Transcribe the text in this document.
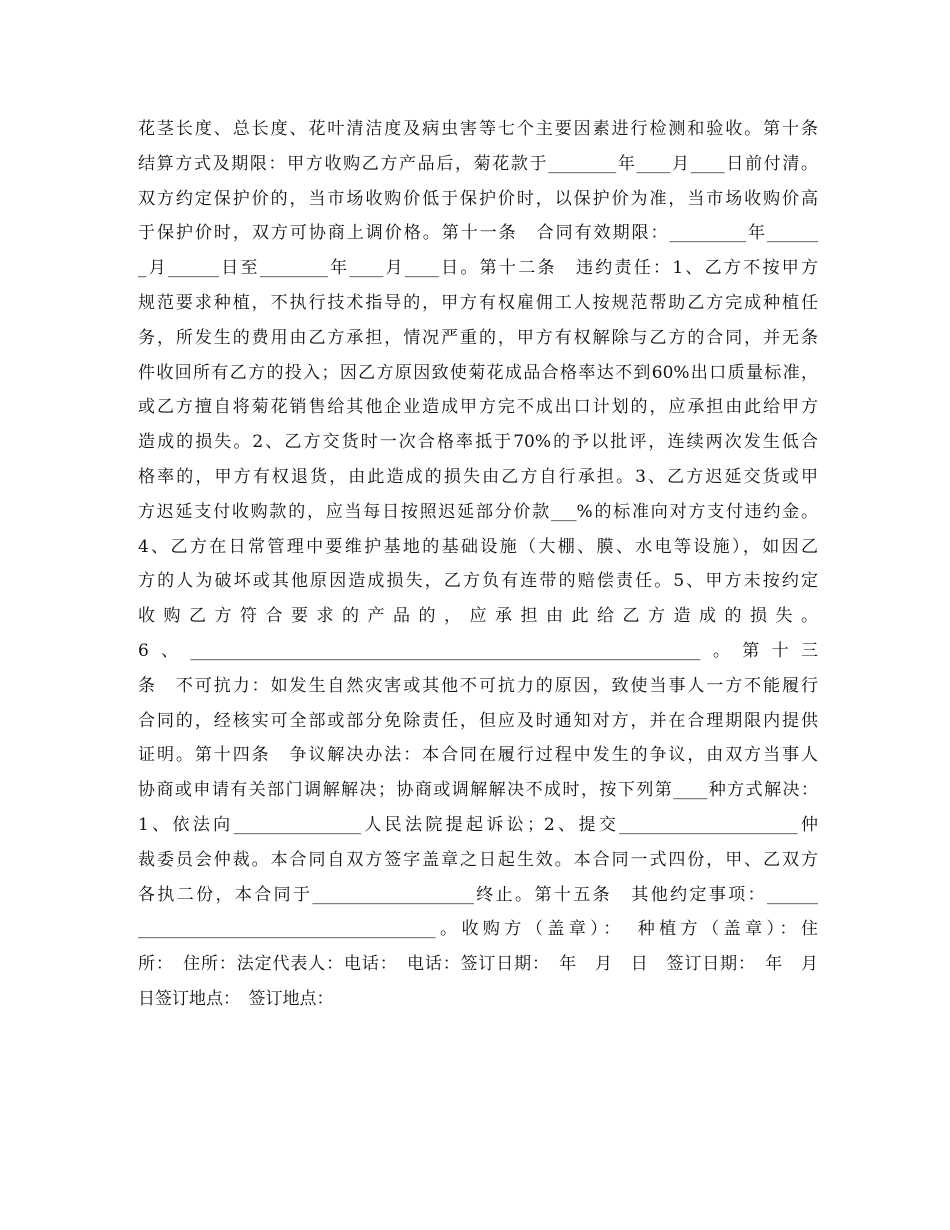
花茎长度、总长度、花叶清洁度及病虫害等七个主要因素进行检测和验收。第十条
结算方式及期限：甲方收购乙方产品后，菊花款于________年____月____日前付清。
双方约定保护价的，当市场收购价低于保护价时，以保护价为准，当市场收购价高
于保护价时，双方可协商上调价格。第十一条　合同有效期限：_________年______
_月______日至________年____月____日。第十二条　违约责任：1、乙方不按甲方
规范要求种植，不执行技术指导的，甲方有权雇佣工人按规范帮助乙方完成种植任
务，所发生的费用由乙方承担，情况严重的，甲方有权解除与乙方的合同，并无条
件收回所有乙方的投入；因乙方原因致使菊花成品合格率达不到60%出口质量标准，
或乙方擅自将菊花销售给其他企业造成甲方完不成出口计划的，应承担由此给甲方
造成的损失。2、乙方交货时一次合格率抵于70%的予以批评，连续两次发生低合
格率的，甲方有权退货，由此造成的损失由乙方自行承担。3、乙方迟延交货或甲
方迟延支付收购款的，应当每日按照迟延部分价款___%的标准向对方支付违约金。
4、乙方在日常管理中要维护基地的基础设施（大棚、膜、水电等设施），如因乙
方的人为破坏或其他原因造成损失，乙方负有连带的赔偿责任。5、甲方未按约定
收购乙方符合要求的产品的，应承担由此给乙方造成的损失。
6、____________________________________________________________。第十三
条　不可抗力：如发生自然灾害或其他不可抗力的原因，致使当事人一方不能履行
合同的，经核实可全部或部分免除责任，但应及时通知对方，并在合理期限内提供
证明。第十四条　争议解决办法：本合同在履行过程中发生的争议，由双方当事人
协商或申请有关部门调解解决；协商或调解解决不成时，按下列第____种方式解决：
1、依法向_______________人民法院提起诉讼；2、提交_____________________仲
裁委员会仲裁。本合同自双方签字盖章之日起生效。本合同一式四份，甲、乙双方
各执二份，本合同于___________________终止。第十五条　其他约定事项：______
___________________________________。收购方（盖章）：　种植方（盖章）：住
所：　住所：法定代表人：电话：　电话：签订日期：　年　月　日　签订日期：　年　月
日签订地点：　签订地点：
